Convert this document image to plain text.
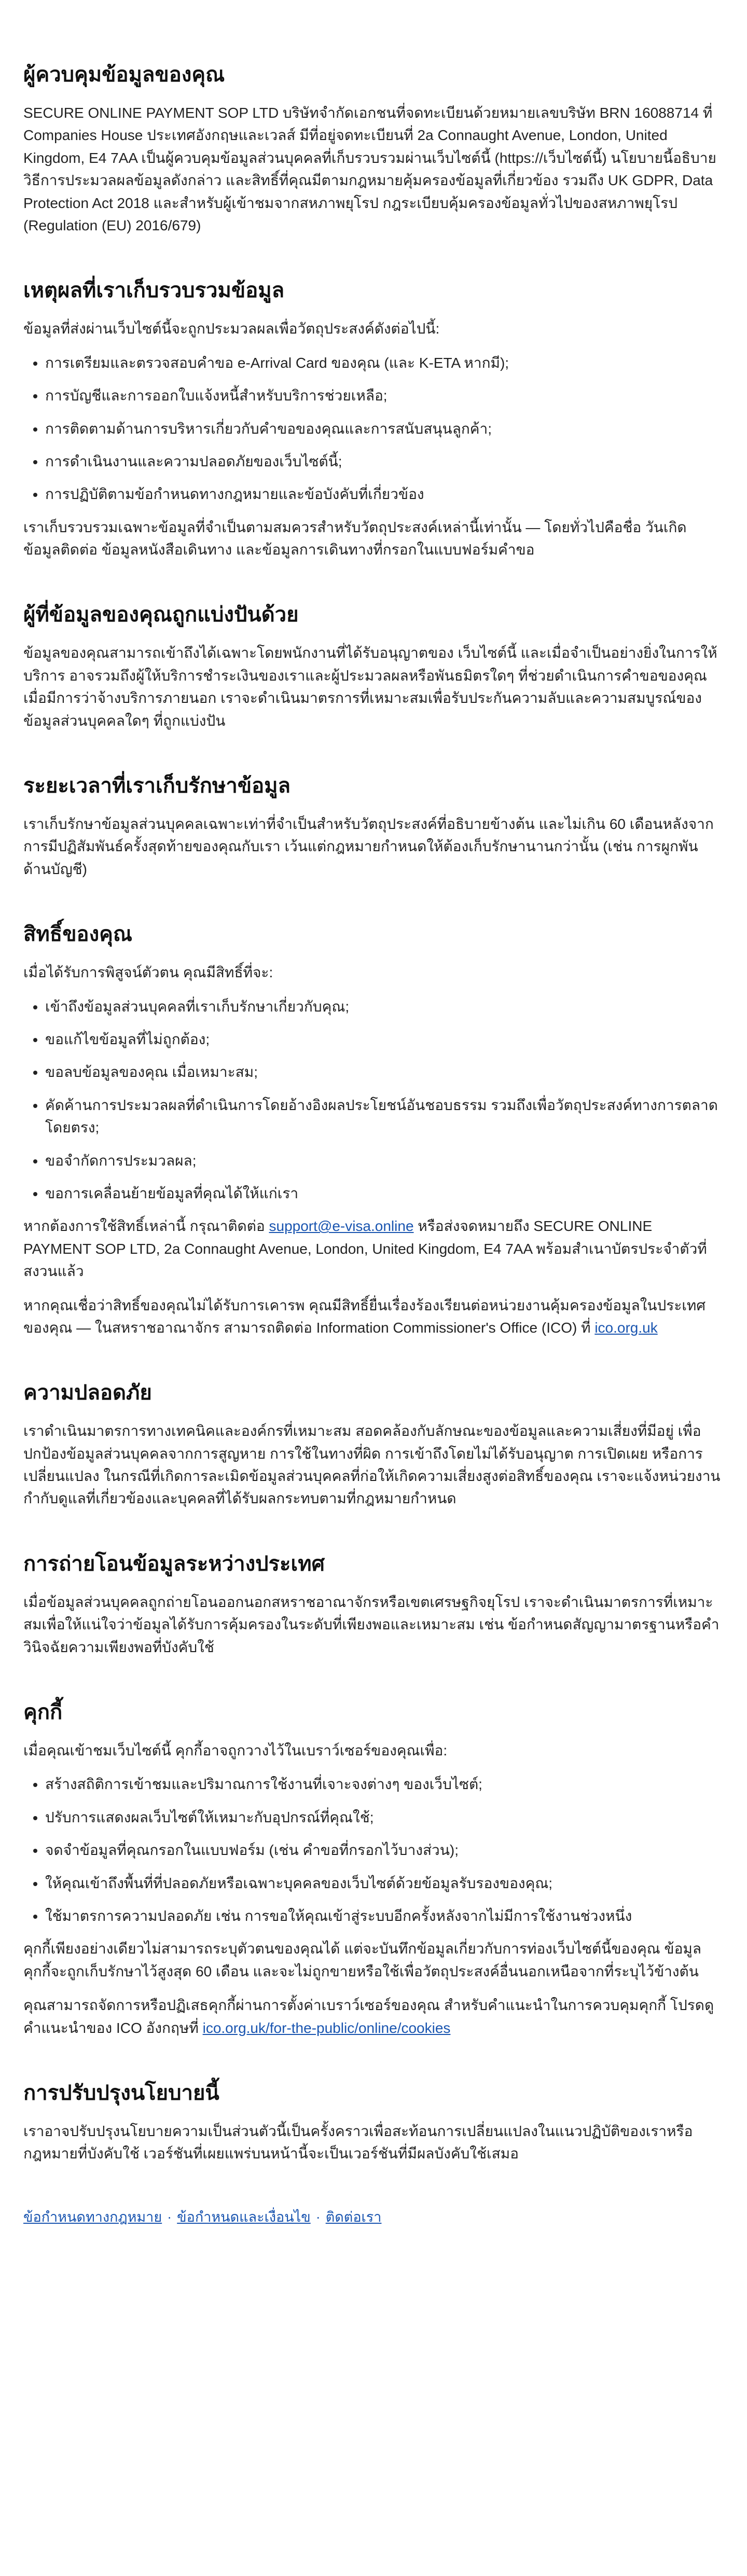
ผู้ควบคุมข้อมูลของคุณ

SECURE ONLINE PAYMENT SOP LTD บริษัทจำกัดเอกชนที่จดทะเบียนด้วยหมายเลขบริษัท BRN 16088714 ที่ Companies House ประเทศอังกฤษและเวลส์ มีที่อยู่จดทะเบียนที่ 2a Connaught Avenue, London, United Kingdom, E4 7AA เป็นผู้ควบคุมข้อมูลส่วนบุคคลที่เก็บรวบรวมผ่านเว็บไซต์นี้ (https://เว็บไซต์นี้) นโยบายนี้อธิบายวิธีการประมวลผลข้อมูลดังกล่าว และสิทธิ์ที่คุณมีตามกฎหมายคุ้มครองข้อมูลที่เกี่ยวข้อง รวมถึง UK GDPR, Data Protection Act 2018 และสำหรับผู้เข้าชมจากสหภาพยุโรป กฎระเบียบคุ้มครองข้อมูลทั่วไปของสหภาพยุโรป (Regulation (EU) 2016/679)

เหตุผลที่เราเก็บรวบรวมข้อมูล

ข้อมูลที่ส่งผ่านเว็บไซต์นี้จะถูกประมวลผลเพื่อวัตถุประสงค์ดังต่อไปนี้:

• การเตรียมและตรวจสอบคำขอ e-Arrival Card ของคุณ (และ K-ETA หากมี);
• การบัญชีและการออกใบแจ้งหนี้สำหรับบริการช่วยเหลือ;
• การติดตามด้านการบริหารเกี่ยวกับคำขอของคุณและการสนับสนุนลูกค้า;
• การดำเนินงานและความปลอดภัยของเว็บไซต์นี้;
• การปฏิบัติตามข้อกำหนดทางกฎหมายและข้อบังคับที่เกี่ยวข้อง

เราเก็บรวบรวมเฉพาะข้อมูลที่จำเป็นตามสมควรสำหรับวัตถุประสงค์เหล่านี้เท่านั้น — โดยทั่วไปคือชื่อ วันเกิด ข้อมูลติดต่อ ข้อมูลหนังสือเดินทาง และข้อมูลการเดินทางที่กรอกในแบบฟอร์มคำขอ

ผู้ที่ข้อมูลของคุณถูกแบ่งปันด้วย

ข้อมูลของคุณสามารถเข้าถึงได้เฉพาะโดยพนักงานที่ได้รับอนุญาตของ เว็บไซต์นี้ และเมื่อจำเป็นอย่างยิ่งในการให้บริการ อาจรวมถึงผู้ให้บริการชำระเงินของเราและผู้ประมวลผลหรือพันธมิตรใดๆ ที่ช่วยดำเนินการคำขอของคุณ เมื่อมีการว่าจ้างบริการภายนอก เราจะดำเนินมาตรการที่เหมาะสมเพื่อรับประกันความลับและความสมบูรณ์ของข้อมูลส่วนบุคคลใดๆ ที่ถูกแบ่งปัน

ระยะเวลาที่เราเก็บรักษาข้อมูล

เราเก็บรักษาข้อมูลส่วนบุคคลเฉพาะเท่าที่จำเป็นสำหรับวัตถุประสงค์ที่อธิบายข้างต้น และไม่เกิน 60 เดือนหลังจากการมีปฏิสัมพันธ์ครั้งสุดท้ายของคุณกับเรา เว้นแต่กฎหมายกำหนดให้ต้องเก็บรักษานานกว่านั้น (เช่น การผูกพันด้านบัญชี)

สิทธิ์ของคุณ

เมื่อได้รับการพิสูจน์ตัวตน คุณมีสิทธิ์ที่จะ:

• เข้าถึงข้อมูลส่วนบุคคลที่เราเก็บรักษาเกี่ยวกับคุณ;
• ขอแก้ไขข้อมูลที่ไม่ถูกต้อง;
• ขอลบข้อมูลของคุณ เมื่อเหมาะสม;
• คัดค้านการประมวลผลที่ดำเนินการโดยอ้างอิงผลประโยชน์อันชอบธรรม รวมถึงเพื่อวัตถุประสงค์ทางการตลาดโดยตรง;
• ขอจำกัดการประมวลผล;
• ขอการเคลื่อนย้ายข้อมูลที่คุณได้ให้แก่เรา

หากต้องการใช้สิทธิ์เหล่านี้ กรุณาติดต่อ support@e-visa.online หรือส่งจดหมายถึง SECURE ONLINE PAYMENT SOP LTD, 2a Connaught Avenue, London, United Kingdom, E4 7AA พร้อมสำเนาบัตรประจำตัวที่สงวนแล้ว

หากคุณเชื่อว่าสิทธิ์ของคุณไม่ได้รับการเคารพ คุณมีสิทธิ์ยื่นเรื่องร้องเรียนต่อหน่วยงานคุ้มครองข้อมูลในประเทศของคุณ — ในสหราชอาณาจักร สามารถติดต่อ Information Commissioner's Office (ICO) ที่ ico.org.uk

ความปลอดภัย

เราดำเนินมาตรการทางเทคนิคและองค์กรที่เหมาะสม สอดคล้องกับลักษณะของข้อมูลและความเสี่ยงที่มีอยู่ เพื่อปกป้องข้อมูลส่วนบุคคลจากการสูญหาย การใช้ในทางที่ผิด การเข้าถึงโดยไม่ได้รับอนุญาต การเปิดเผย หรือการเปลี่ยนแปลง ในกรณีที่เกิดการละเมิดข้อมูลส่วนบุคคลที่ก่อให้เกิดความเสี่ยงสูงต่อสิทธิ์ของคุณ เราจะแจ้งหน่วยงานกำกับดูแลที่เกี่ยวข้องและบุคคลที่ได้รับผลกระทบตามที่กฎหมายกำหนด

การถ่ายโอนข้อมูลระหว่างประเทศ

เมื่อข้อมูลส่วนบุคคลถูกถ่ายโอนออกนอกสหราชอาณาจักรหรือเขตเศรษฐกิจยุโรป เราจะดำเนินมาตรการที่เหมาะสมเพื่อให้แน่ใจว่าข้อมูลได้รับการคุ้มครองในระดับที่เพียงพอและเหมาะสม เช่น ข้อกำหนดสัญญามาตรฐานหรือคำวินิจฉัยความเพียงพอที่บังคับใช้

คุกกี้

เมื่อคุณเข้าชมเว็บไซต์นี้ คุกกี้อาจถูกวางไว้ในเบราว์เซอร์ของคุณเพื่อ:

• สร้างสถิติการเข้าชมและปริมาณการใช้งานที่เจาะจงต่างๆ ของเว็บไซต์;
• ปรับการแสดงผลเว็บไซต์ให้เหมาะกับอุปกรณ์ที่คุณใช้;
• จดจำข้อมูลที่คุณกรอกในแบบฟอร์ม (เช่น คำขอที่กรอกไว้บางส่วน);
• ให้คุณเข้าถึงพื้นที่ที่ปลอดภัยหรือเฉพาะบุคคลของเว็บไซต์ด้วยข้อมูลรับรองของคุณ;
• ใช้มาตรการความปลอดภัย เช่น การขอให้คุณเข้าสู่ระบบอีกครั้งหลังจากไม่มีการใช้งานช่วงหนึ่ง

คุกกี้เพียงอย่างเดียวไม่สามารถระบุตัวตนของคุณได้ แต่จะบันทึกข้อมูลเกี่ยวกับการท่องเว็บไซต์นี้ของคุณ ข้อมูลคุกกี้จะถูกเก็บรักษาไว้สูงสุด 60 เดือน และจะไม่ถูกขายหรือใช้เพื่อวัตถุประสงค์อื่นนอกเหนือจากที่ระบุไว้ข้างต้น

คุณสามารถจัดการหรือปฏิเสธคุกกี้ผ่านการตั้งค่าเบราว์เซอร์ของคุณ สำหรับคำแนะนำในการควบคุมคุกกี้ โปรดดูคำแนะนำของ ICO อังกฤษที่ ico.org.uk/for-the-public/online/cookies

การปรับปรุงนโยบายนี้

เราอาจปรับปรุงนโยบายความเป็นส่วนตัวนี้เป็นครั้งคราวเพื่อสะท้อนการเปลี่ยนแปลงในแนวปฏิบัติของเราหรือกฎหมายที่บังคับใช้ เวอร์ชันที่เผยแพร่บนหน้านี้จะเป็นเวอร์ชันที่มีผลบังคับใช้เสมอ

ข้อกำหนดทางกฎหมาย · ข้อกำหนดและเงื่อนไข · ติดต่อเรา
